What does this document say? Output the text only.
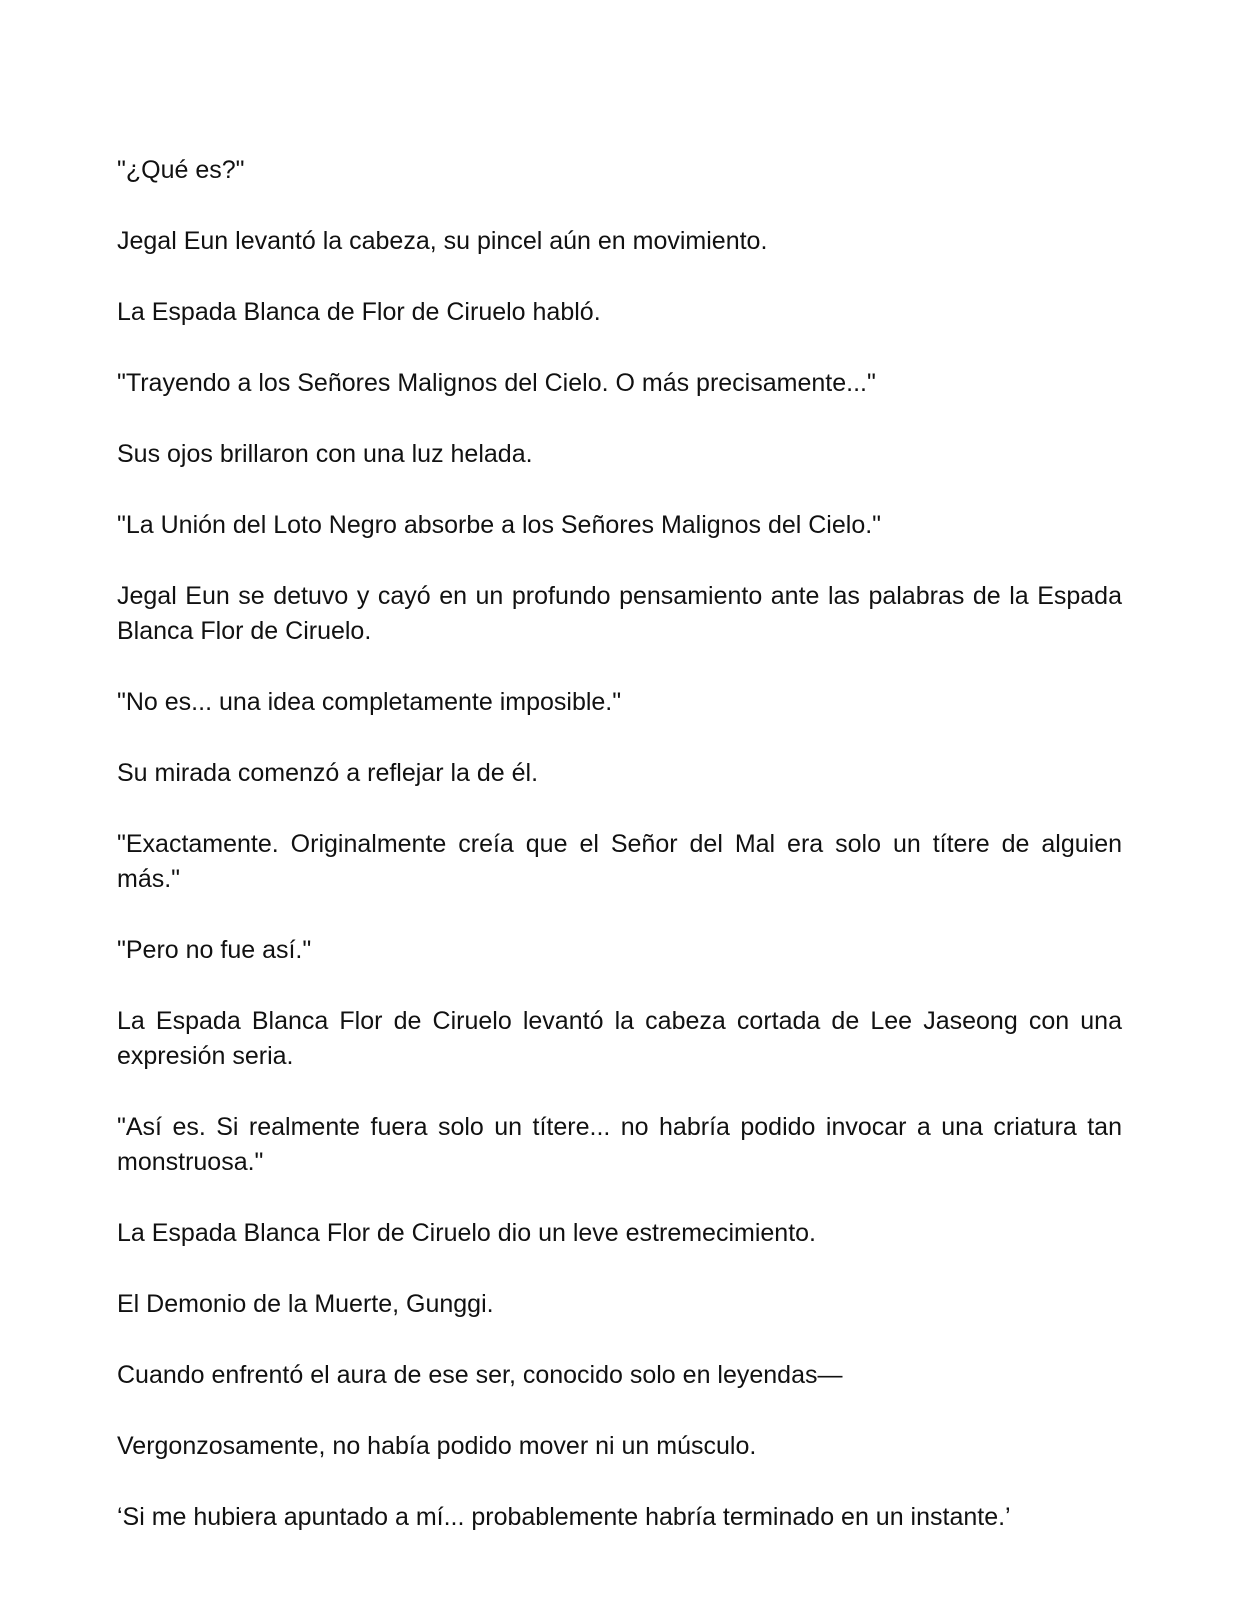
"¿Qué es?"

Jegal Eun levantó la cabeza, su pincel aún en movimiento.

La Espada Blanca de Flor de Ciruelo habló.

"Trayendo a los Señores Malignos del Cielo. O más precisamente..."

Sus ojos brillaron con una luz helada.

"La Unión del Loto Negro absorbe a los Señores Malignos del Cielo."

Jegal Eun se detuvo y cayó en un profundo pensamiento ante las palabras de la Espada Blanca Flor de Ciruelo.

"No es... una idea completamente imposible."

Su mirada comenzó a reflejar la de él.

"Exactamente. Originalmente creía que el Señor del Mal era solo un títere de alguien más."

"Pero no fue así."

La Espada Blanca Flor de Ciruelo levantó la cabeza cortada de Lee Jaseong con una expresión seria.

"Así es. Si realmente fuera solo un títere... no habría podido invocar a una criatura tan monstruosa."

La Espada Blanca Flor de Ciruelo dio un leve estremecimiento.

El Demonio de la Muerte, Gunggi.

Cuando enfrentó el aura de ese ser, conocido solo en leyendas—

Vergonzosamente, no había podido mover ni un músculo.

‘Si me hubiera apuntado a mí... probablemente habría terminado en un instante.’
